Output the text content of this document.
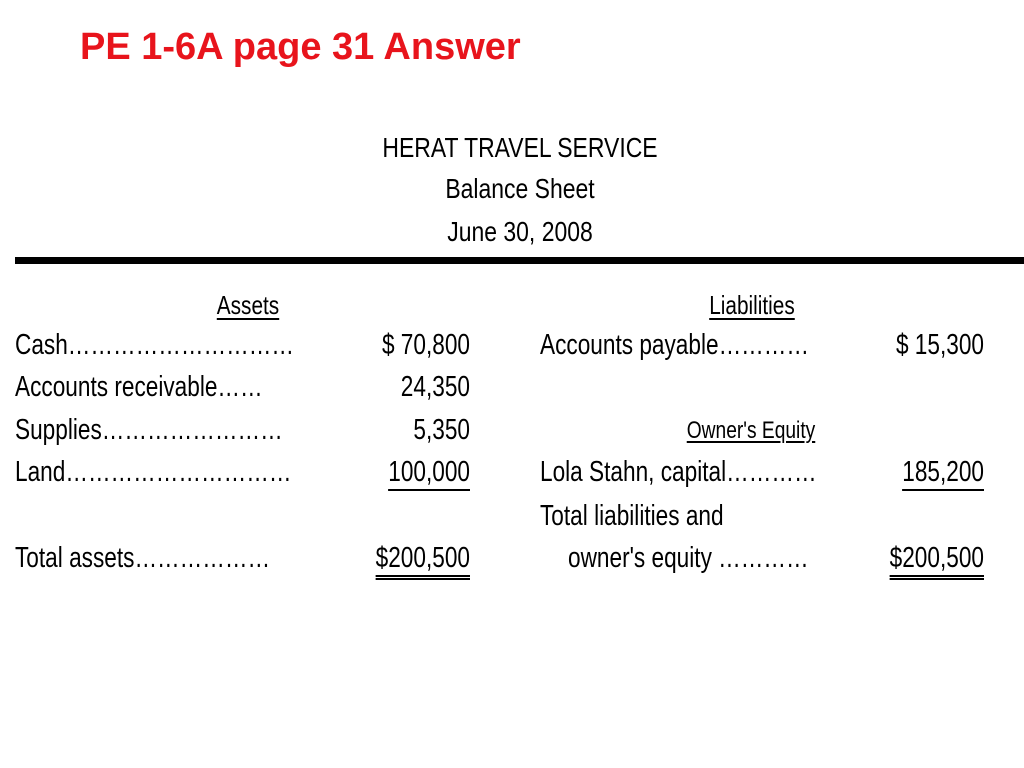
PE 1-6A page 31 Answer
HERAT TRAVEL SERVICE
Balance Sheet
June 30, 2008
Assets
Cash…………………………	$ 70,800
Accounts receivable……	24,350
Supplies……………………	5,350
Land…………………………	100,000
Total assets………………	$200,500
Liabilities
Accounts payable…………	$ 15,300
Owner's Equity
Lola Stahn, capital…………	185,200
Total liabilities and
owner's equity …………	$200,500
